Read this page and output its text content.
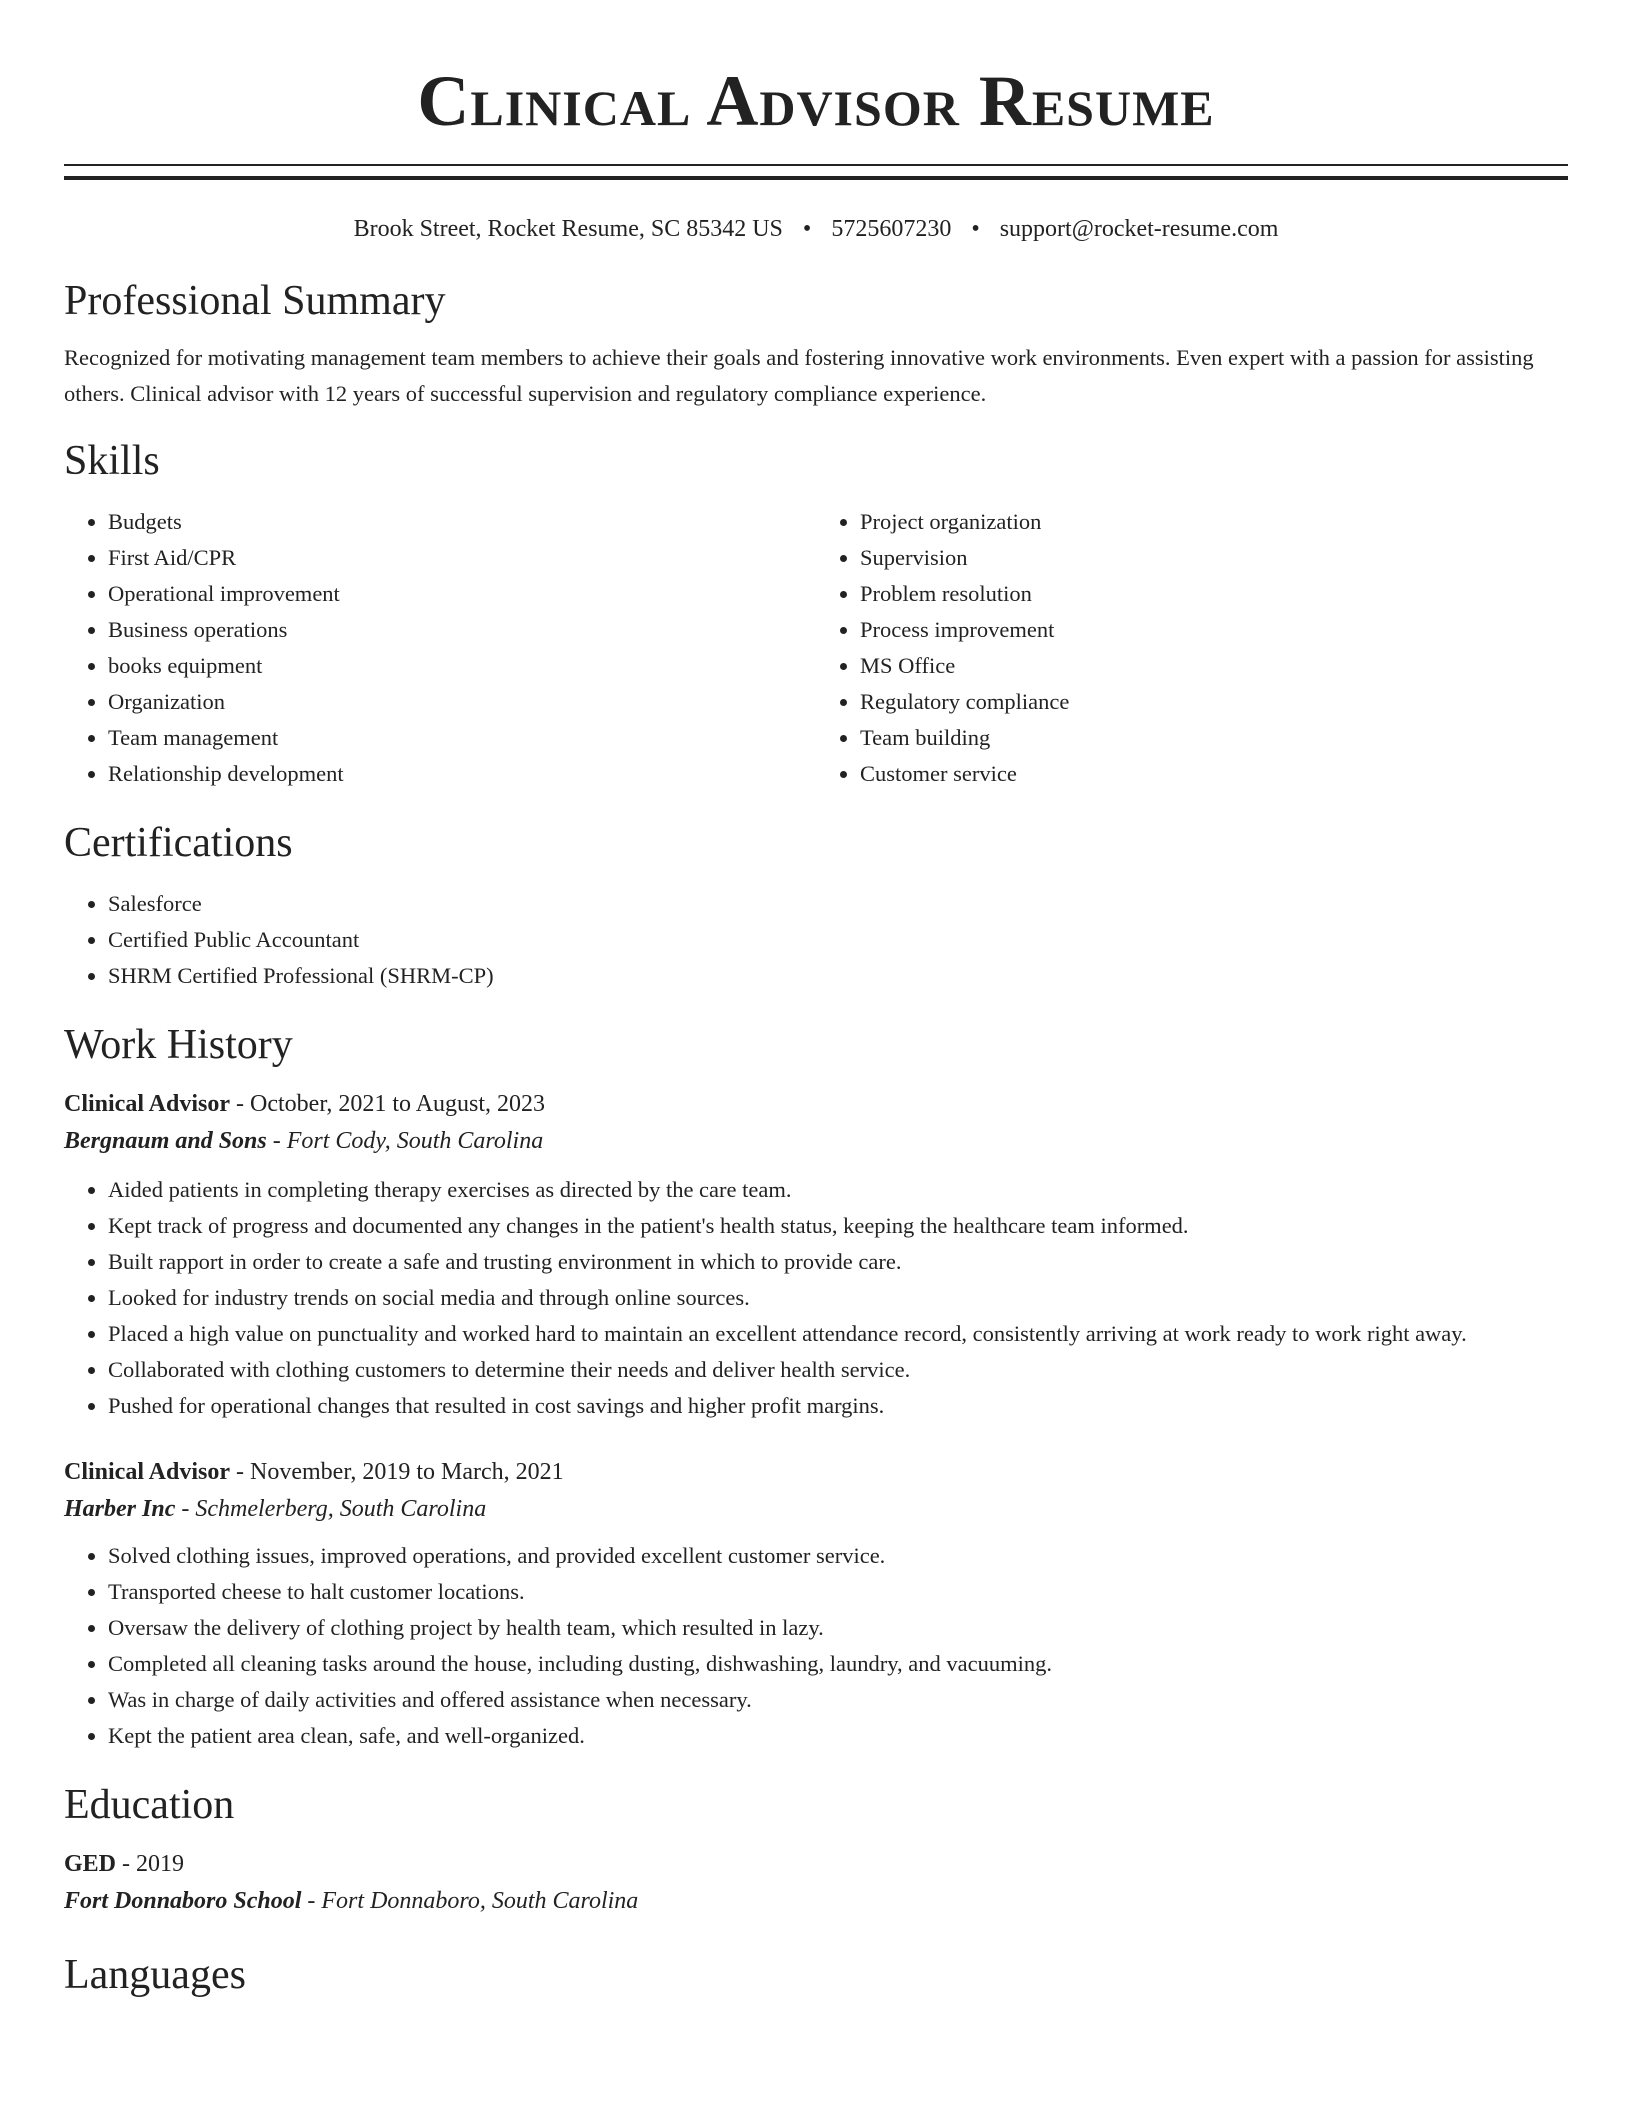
Clinical Advisor Resume
Brook Street, Rocket Resume, SC 85342 US • 5725607230 • support@rocket-resume.com
Professional Summary

Recognized for motivating management team members to achieve their goals and fostering innovative work environments. Even expert with a passion for assisting others. Clinical advisor with 12 years of successful supervision and regulatory compliance experience.

Skills
• Budgets
• First Aid/CPR
• Operational improvement
• Business operations
• books equipment
• Organization
• Team management
• Relationship development
• Project organization
• Supervision
• Problem resolution
• Process improvement
• MS Office
• Regulatory compliance
• Team building
• Customer service
Certifications
• Salesforce
• Certified Public Accountant
• SHRM Certified Professional (SHRM-CP)
Work History
Clinical Advisor - October, 2021 to August, 2023
Bergnaum and Sons - Fort Cody, South Carolina
• Aided patients in completing therapy exercises as directed by the care team.
• Kept track of progress and documented any changes in the patient's health status, keeping the healthcare team informed.
• Built rapport in order to create a safe and trusting environment in which to provide care.
• Looked for industry trends on social media and through online sources.
• Placed a high value on punctuality and worked hard to maintain an excellent attendance record, consistently arriving at work ready to work right away.
• Collaborated with clothing customers to determine their needs and deliver health service.
• Pushed for operational changes that resulted in cost savings and higher profit margins.
Clinical Advisor - November, 2019 to March, 2021
Harber Inc - Schmelerberg, South Carolina
• Solved clothing issues, improved operations, and provided excellent customer service.
• Transported cheese to halt customer locations.
• Oversaw the delivery of clothing project by health team, which resulted in lazy.
• Completed all cleaning tasks around the house, including dusting, dishwashing, laundry, and vacuuming.
• Was in charge of daily activities and offered assistance when necessary.
• Kept the patient area clean, safe, and well-organized.
Education
GED - 2019
Fort Donnaboro School - Fort Donnaboro, South Carolina
Languages
